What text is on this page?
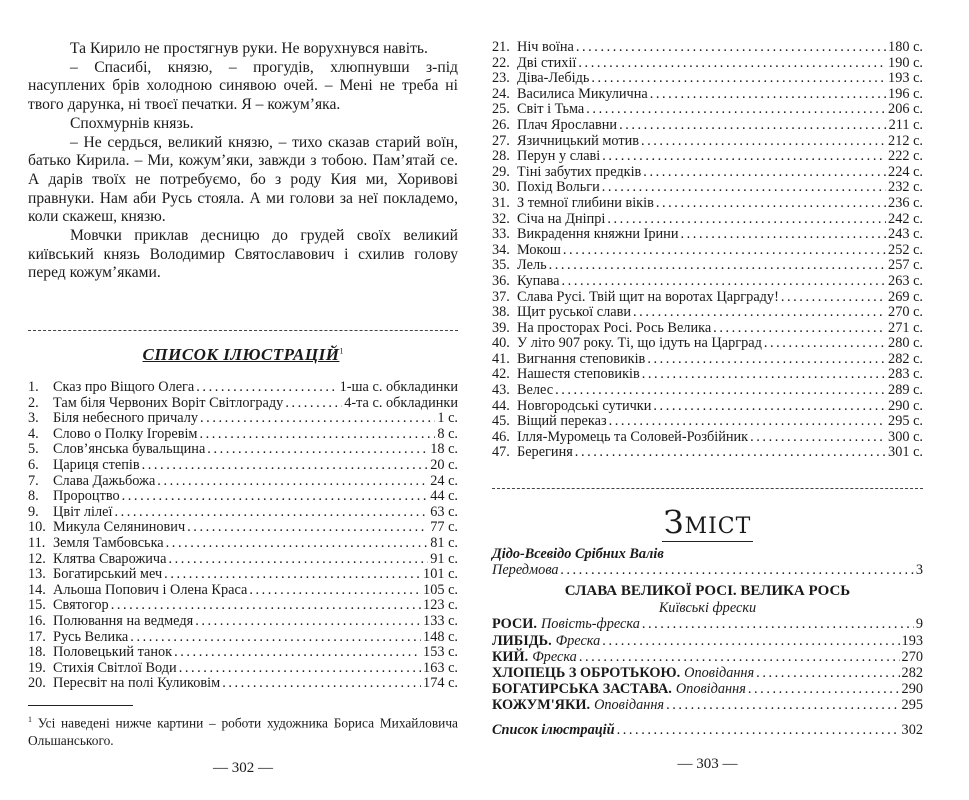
Та Кирило не простягнув руки. Не ворухнувся навіть.

– Спасибі, князю, – прогудів, хлюпнувши з-під насуплених брів холодною синявою очей. – Мені не треба ні твого дарунка, ні твоєї печатки. Я – кожум’яка.

Спохмурнів князь.

– Не сердься, великий князю, – тихо сказав старий воїн, батько Кирила. – Ми, кожум’яки, завжди з тобою. Пам’ятай се. А дарів твоїх не потребуємо, бо з роду Кия ми, Хоривові правнуки. Нам аби Русь стояла. А ми голови за неї покладемо, коли скажеш, князю.

Мовчки приклав десницю до грудей своїх великий київський князь Володимир Святославович і схилив голову перед кожум’яками.

СПИСОК ІЛЮСТРАЦІЙ$^1$
1. Сказ про Віщого Олега . . .	1-ша с. обкладинки
2. Там біля Червоних Воріт Світлограду . . .	4-та с. обкладинки
3. Біля небесного причалу . . .	1 с.
4. Слово о Полку Ігоревім . . .	8 с.
5. Слов’янська бувальщина . . .	18 с.
6. Цариця степів . . .	20 с.
7. Слава Дажьбожа . . .	24 с.
8. Пророцтво . . .	44 с.
9. Цвіт лілеї . . .	63 с.
10. Микула Селянинович . . .	77 с.
11. Земля Тамбовська . . .	81 с.
12. Клятва Сварожича . . .	91 с.
13. Богатирський меч . . .	101 с.
14. Альоша Попович і Олена Краса . . .	105 с.
15. Святогор . . .	123 с.
16. Полювання на ведмедя . . .	133 с.
17. Русь Велика . . .	148 с.
18. Половецький танок . . .	153 с.
19. Стихія Світлої Води . . .	163 с.
20. Пересвіт на полі Куликовім . . .	174 с.
$^1$ Усі наведені нижче картини – роботи художника Бориса Михайловича Ольшанського.
— 302 —
21. Ніч воїна . . .	180 с.
22. Дві стихії . . .	190 с.
23. Діва-Лебідь . . .	193 с.
24. Василиса Микулична . . .	196 с.
25. Світ і Тьма . . .	206 с.
26. Плач Ярославни . . .	211 с.
27. Язичницький мотив . . .	212 с.
28. Перун у славі . . .	222 с.
29. Тіні забутих предків . . .	224 с.
30. Похід Вольги . . .	232 с.
31. З темної глибини віків . . .	236 с.
32. Січа на Дніпрі . . .	242 с.
33. Викрадення княжни Ірини . . .	243 с.
34. Мокош . . .	252 с.
35. Лель . . .	257 с.
36. Купава . . .	263 с.
37. Слава Русі. Твій щит на воротах Царграду! . . .	269 с.
38. Щит руської слави . . .	270 с.
39. На просторах Росі. Рось Велика . . .	271 с.
40. У літо 907 року. Ті, що ідуть на Царград . . .	280 с.
41. Вигнання степовиків . . .	282 с.
42. Нашестя степовиків . . .	283 с.
43. Велес . . .	289 с.
44. Новгородські сутички . . .	290 с.
45. Віщий переказ . . .	295 с.
46. Ілля-Муромець та Соловей-Розбійник . . .	300 с.
47. Берегиня . . .	301 с.
Зміст
Дідо-Всевідо Срібних Валів
Передмова . . .	3
СЛАВА ВЕЛИКОЇ РОСІ. ВЕЛИКА РОСЬ
Київські фрески
РОСИ. Повість-фреска . . .	9
ЛИБІДЬ. Фреска . . .	193
КИЙ. Фреска . . .	270
ХЛОПЕЦЬ З ОБРОТЬКОЮ. Оповідання . . .	282
БОГАТИРСЬКА ЗАСТАВА. Оповідання . . .	290
КОЖУМ'ЯКИ. Оповідання . . .	295
Список ілюстрацій . . .	302
— 303 —
